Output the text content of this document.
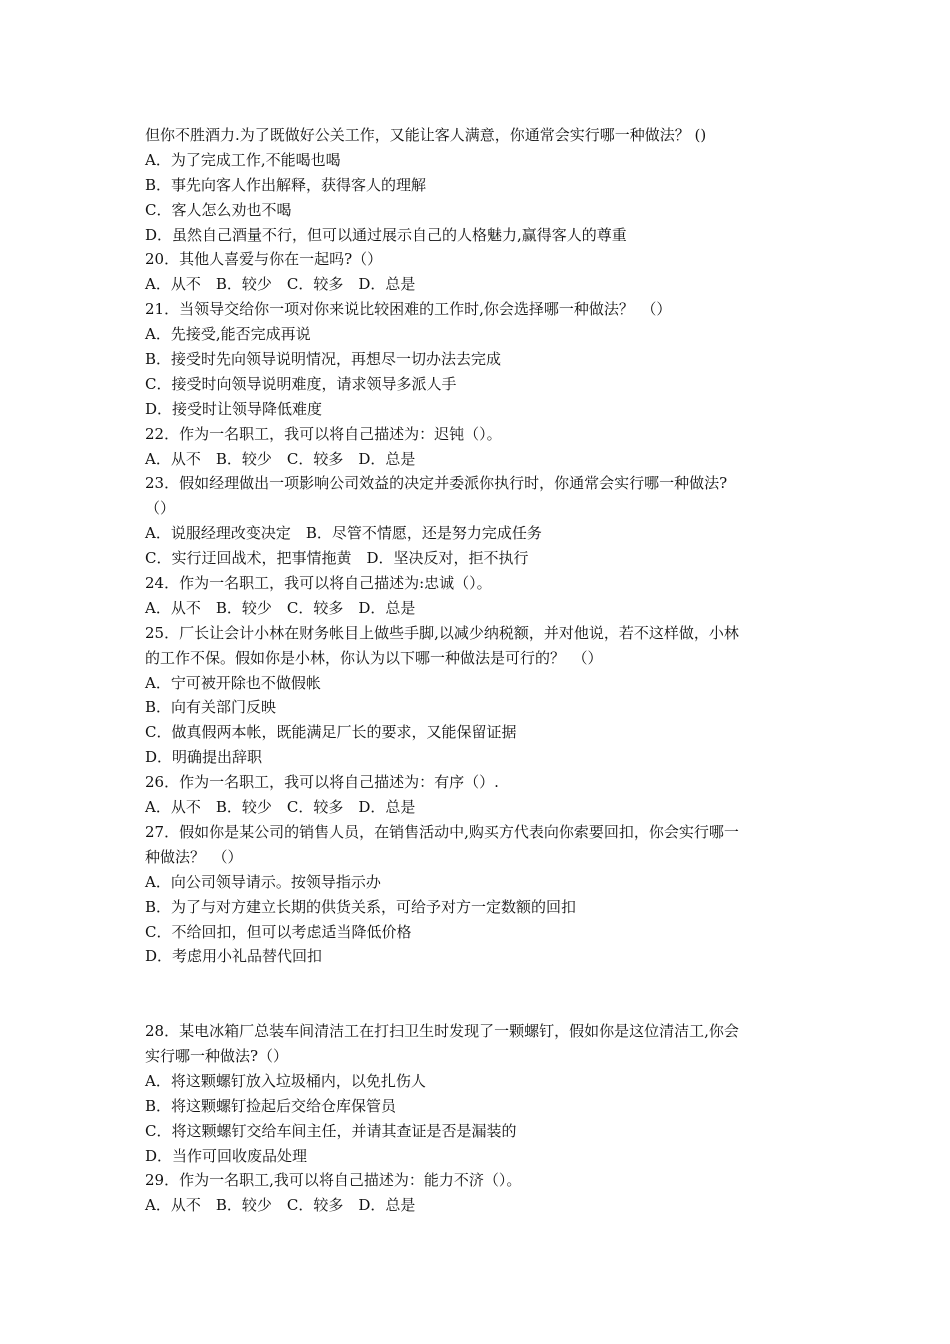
但你不胜酒力.为了既做好公关工作，又能让客人满意，你通常会实行哪一种做法？ ()
A．为了完成工作,不能喝也喝
B．事先向客人作出解释，获得客人的理解
C．客人怎么劝也不喝
D．虽然自己酒量不行，但可以通过展示自己的人格魅力,赢得客人的尊重
20．其他人喜爱与你在一起吗?（）
A．从不　B．较少　C．较多　D．总是
21．当领导交给你一项对你来说比较困难的工作时,你会选择哪一种做法？　（）
A．先接受,能否完成再说
B．接受时先向领导说明情况，再想尽一切办法去完成
C．接受时向领导说明难度，请求领导多派人手
D．接受时让领导降低难度
22．作为一名职工，我可以将自己描述为：迟钝（）。
A．从不　B．较少　C．较多　D．总是
23．假如经理做出一项影响公司效益的决定并委派你执行时，你通常会实行哪一种做法?
（）
A．说服经理改变决定　B．尽管不情愿，还是努力完成任务
C．实行迂回战术，把事情拖黄　D．坚决反对，拒不执行
24．作为一名职工，我可以将自己描述为:忠诚（）。
A．从不　B．较少　C．较多　D．总是
25．厂长让会计小林在财务帐目上做些手脚,以减少纳税额，并对他说，若不这样做，小林
的工作不保。假如你是小林，你认为以下哪一种做法是可行的？　（）
A．宁可被开除也不做假帐
B．向有关部门反映
C．做真假两本帐，既能满足厂长的要求，又能保留证据
D．明确提出辞职
26．作为一名职工，我可以将自己描述为：有序（）.
A．从不　B．较少　C．较多　D．总是
27．假如你是某公司的销售人员，在销售活动中,购买方代表向你索要回扣，你会实行哪一
种做法？　（）
A．向公司领导请示。按领导指示办
B．为了与对方建立长期的供货关系，可给予对方一定数额的回扣
C．不给回扣，但可以考虑适当降低价格
D．考虑用小礼品替代回扣
28．某电冰箱厂总装车间清洁工在打扫卫生时发现了一颗螺钉，假如你是这位清洁工,你会
实行哪一种做法?（）
A．将这颗螺钉放入垃圾桶内，以免扎伤人
B．将这颗螺钉捡起后交给仓库保管员
C．将这颗螺钉交给车间主任，并请其查证是否是漏装的
D．当作可回收废品处理
29．作为一名职工,我可以将自己描述为：能力不济（）。
A．从不　B．较少　C．较多　D．总是
